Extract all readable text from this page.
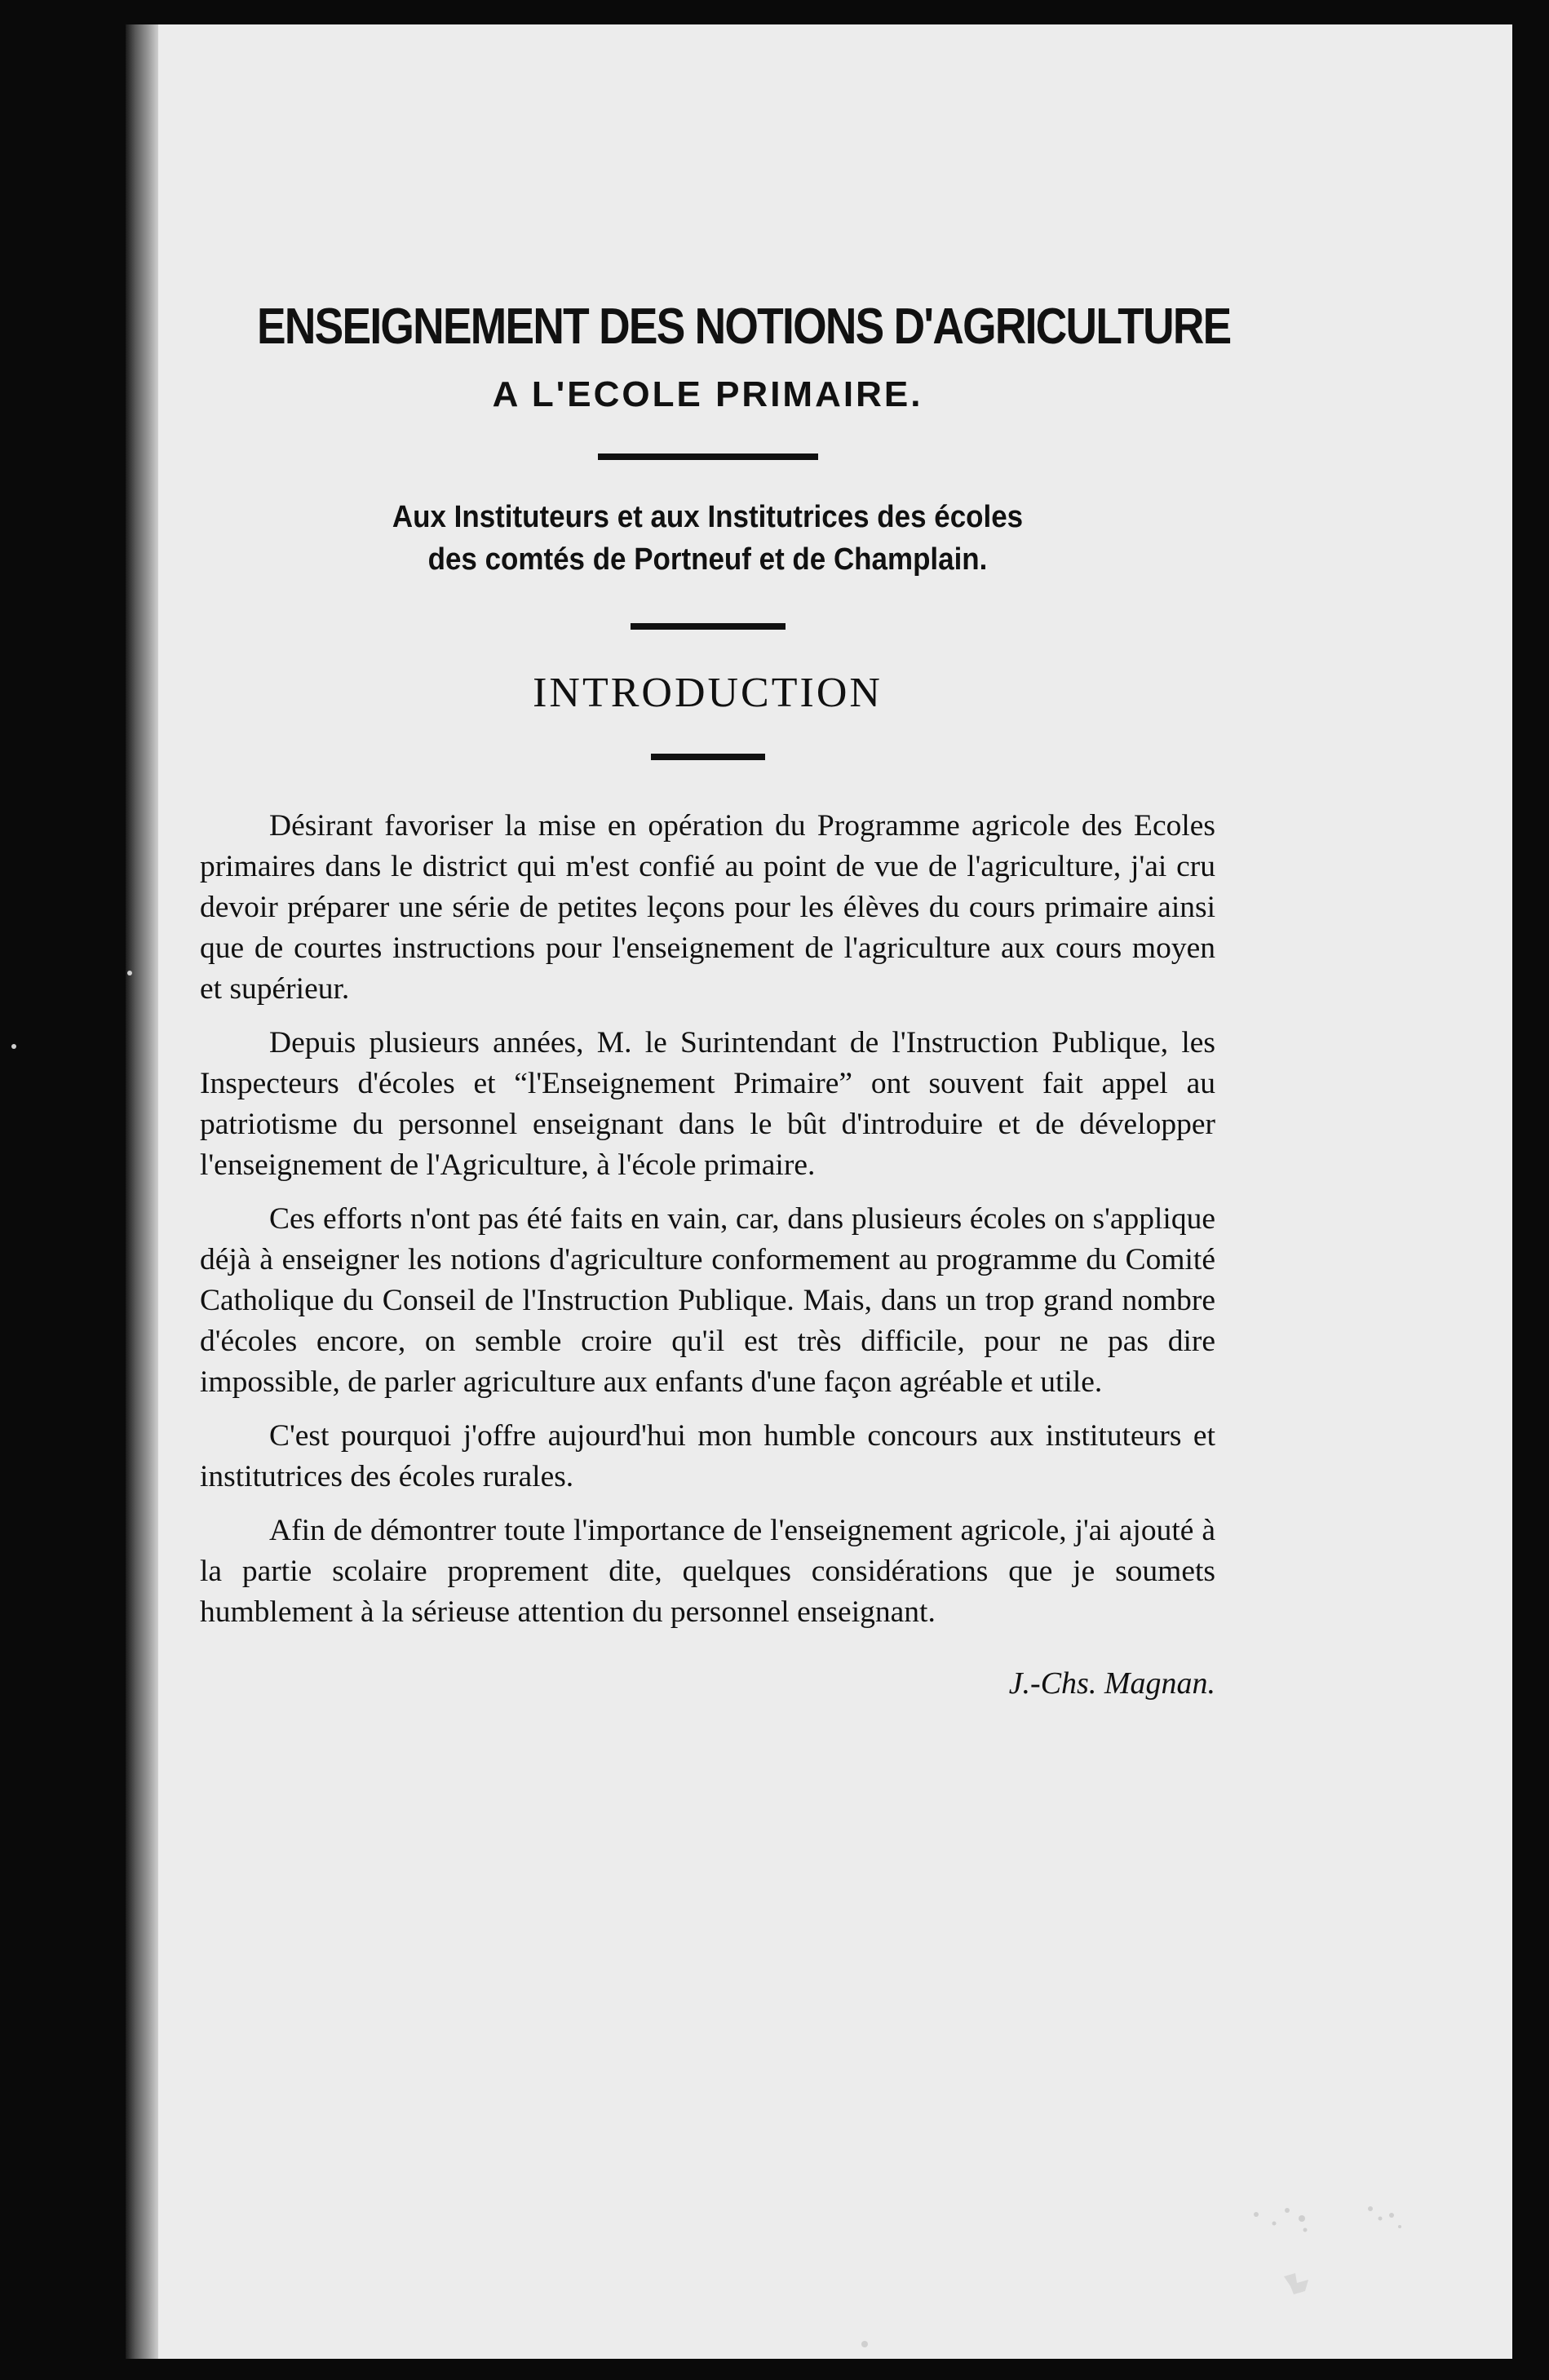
ENSEIGNEMENT DES NOTIONS D'AGRICULTURE
A L'ECOLE PRIMAIRE.
Aux Instituteurs et aux Institutrices des écoles
des comtés de Portneuf et de Champlain.
INTRODUCTION

Désirant favoriser la mise en opération du Programme agricole des Ecoles primaires dans le district qui m'est confié au point de vue de l'agriculture, j'ai cru devoir préparer une série de petites leçons pour les élèves du cours primaire ainsi que de courtes instructions pour l'enseignement de l'agriculture aux cours moyen et supérieur.

Depuis plusieurs années, M. le Surintendant de l'Instruction Publique, les Inspecteurs d'écoles et “l'Enseignement Primaire” ont souvent fait appel au patriotisme du personnel enseignant dans le bût d'introduire et de développer l'enseignement de l'Agriculture, à l'école primaire.

Ces efforts n'ont pas été faits en vain, car, dans plusieurs écoles on s'applique déjà à enseigner les notions d'agriculture conformement au programme du Comité Catholique du Conseil de l'Instruction Publique. Mais, dans un trop grand nombre d'écoles encore, on semble croire qu'il est très difficile, pour ne pas dire impossible, de parler agriculture aux enfants d'une façon agréable et utile.

C'est pourquoi j'offre aujourd'hui mon humble concours aux instituteurs et institutrices des écoles rurales.

Afin de démontrer toute l'importance de l'enseignement agricole, j'ai ajouté à la partie scolaire proprement dite, quelques considérations que je soumets humblement à la sérieuse attention du personnel enseignant.

J.-Chs. Magnan.
